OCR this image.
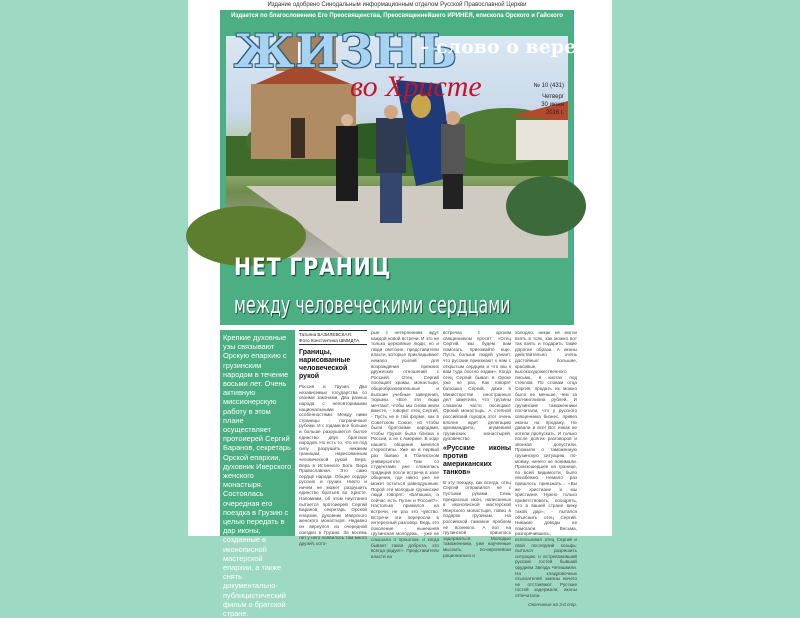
Издание одобрено Синодальным информационным отделом Русской Православной Церкви
Издается по благословению Его Преосвященства, Преосвященнейшего ИРИНЕЯ, епископа Орского и Гайского
ЖИЗНЬ
– слово о вере
во Христе	№ 10 (431)
Четверг
30 июня
2016 г.
НЕТ ГРАНИЦ
между человеческими сердцами
Крепкие духовные узы связывают Орскую епархию с грузинским народом в течение восьми лет. Очень активную миссионерскую работу в этом плане осуществляет протоиерей Сергий Баранов, секретарь Орской епархии, духовник Иверского женского монастыря. Состоялась очередная его поездка в Грузию с целью передать в дар иконы, созданные в иконописной мастерской епархии, а также снять документально-публицистический фильм о братской стране.
Татьяна БАЗИЛЕВСКАЯ.
Фото Константина ШМИДТА.
Границы, нарисованные человеческой рукой
Россия и Грузия. Два независимых государства со своими законами. Два разных народа с неповторимыми национальными особенностями. Между ними страницы - пограничные рубежи. И с годами все больше и больше разрушается былое единство двух братских народов. Но есть то, что не под силу разрушить никаким границам, нарисованным человеческой рукой. Вера. Вера в Истинного Бога. Вера Православная. Это само сердце народа. Общее сердце русских и грузин. Никто и ничем не может разрушить единство братьев во Христе. Напомним, об этом неустанно пытается протоиерей Сергий Баранов, секретарь Орской епархии, духовник Иверского женского монастыря. Недавно он вернулся из очередной поездки в Грузию. За восемь лет у него появилось там много друзей, кото-
рые с нетерпением ждут каждой новой встречи. И это не только церковные люди, но и люди светские, представители власти, которые прикладывают немало усилий для возрождения прежних дружеских отношений с Россией. Отец Сергий посещает храмы, монастыри, общеобразовательные и высшие учебные заведения, тюрьмы. «Все эти люди мечтают, чтобы мы снова жили вместе, - говорит отец Сергий. - Пусть не в той форме, как в Советском Союзе, но чтобы были братскими народами, чтобы Грузия была близка к России, а не к Америке. В ходе нашего общения менялся стереотипы. Уже не в первый раз бываю в Тбилисском университете. Там со студентами уже сложилась традиция после встречи в зале общения, где никто уже не может остаться равнодушным. Порой эти молодые грузинские люди говорят: «Батюшка, а сейчас есть Путин и Россия?». Настолько прижился на встречи, не раз это чувство. Встречи эти переросли в интересный разговор. Ведь это поколение - нынешняя грузинская молодежь, - уже не слышала о прошлом, и когда бывает такая доброта, это всегда радует». Представители власти на
встречах с орским священником просят: «Отец Сергий, мы будем вам помогать, приезжайте еще. Пусть больше людей узнает, что русские приезжают к нам с открытым сердцем и что мы к вам туда охотно ездим». Когда отец Сергий бывал в Орске уже не раз, Как говорят батюшка Сергий, даже в Министерстве иностранных дел заметили, что грузины слишком часто посещают Орский монастырь. А степной российский городок этот очень вполне ждет делегацию архимандрита, игуменией грузинских монастырей, духовенство.
«Русские иконы против американских танков»
В эту поездку, как всегда, отец Сергий отправился не с пустыми руками. Семь прекрасных икон, написанных в иконописной мастерской Иверского монастыря, повез в подарок грузинам. На российской таможне проблем не возникло. А вот на грузинской пришлось задержаться. Молодые таможенники, уже наученные мыслить по-европейски рационально и
холодно, никак не могли взять в толк, как можно вот так взять и подарить такие дорогие образа. А иконы действительно очень достойные: большие, красивые, высокохудожественного письма, в киотах под стеклом. По словам отца Сергия, продать их можно было не меньше, чем за пол-миллиона рублей. И грузинские таможенники посчитали, что у русского священника бизнес, привез иконы на продажу. Не давали и все! Вот никак не хотели пропускать. И только после долгих разговоров и звонков допустили. Промыли о таможенную грузинскую ситуацию, по-моему, ничего не понимали. Произошедшее на границе, по всей видимости, было неизбежно. Немало раз пришлось приезжать... «Вы же христиане и мы христиане. Нужно только приветствовать, поощрять, что в вашей стране вижу такой дар», - пытался объяснить отец Сергий. Никакие доводы не помогали. Весьма, разгорячившись, использовал отец Сергий и свой последний козырь: пытался разрешить ситуацию и встревоживший русских гостей бывший орудием Звезда Четишвили. На кладровочных отыскателей законы ничего не отстаивают. Русские гостей задержали, иконы отпечатали.
Окончание на 3-й стр.
